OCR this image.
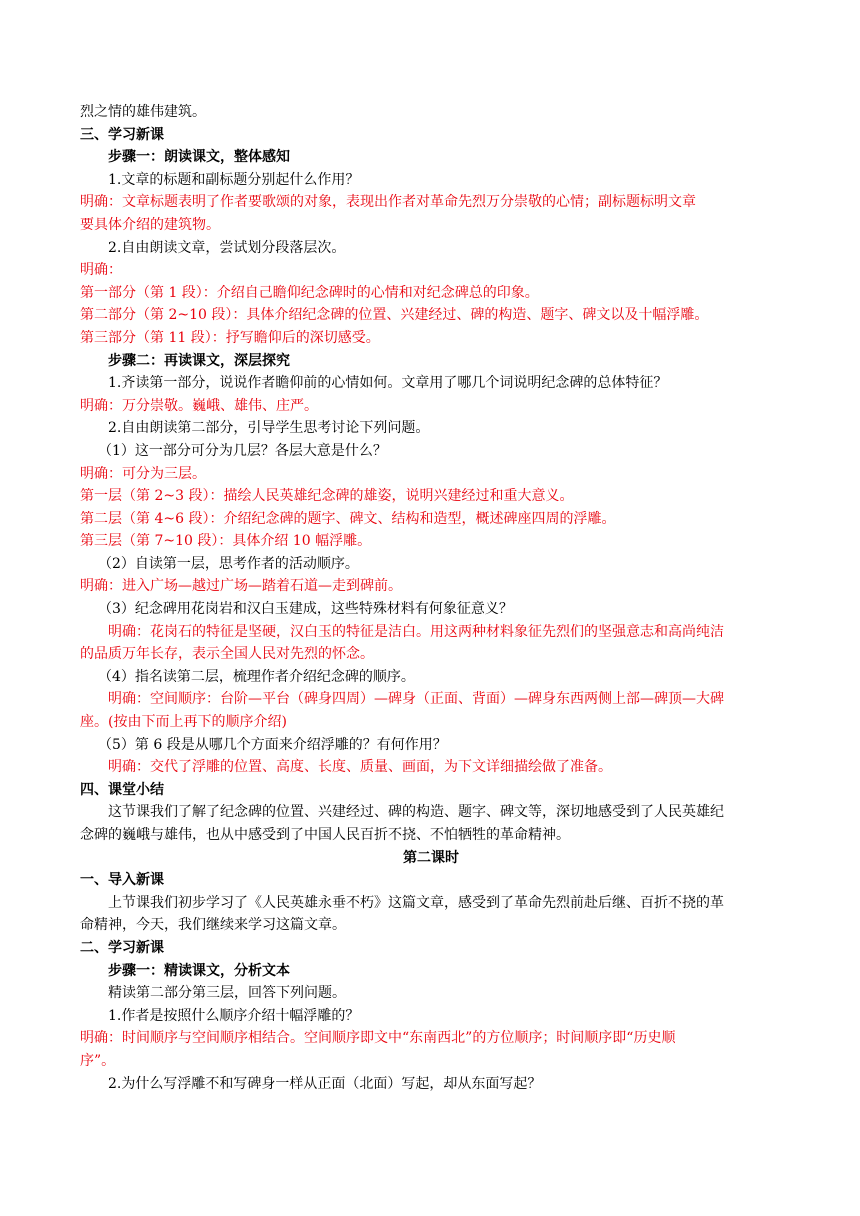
烈之情的雄伟建筑。
三、学习新课
步骤一：朗读课文，整体感知
1.文章的标题和副标题分别起什么作用？
明确：文章标题表明了作者要歌颂的对象，表现出作者对革命先烈万分崇敬的心情；副标题标明文章
要具体介绍的建筑物。
2.自由朗读文章，尝试划分段落层次。
明确：
第一部分（第 1 段）：介绍自己瞻仰纪念碑时的心情和对纪念碑总的印象。
第二部分（第 2~10 段）：具体介绍纪念碑的位置、兴建经过、碑的构造、题字、碑文以及十幅浮雕。
第三部分（第 11 段）：抒写瞻仰后的深切感受。
步骤二：再读课文，深层探究
1.齐读第一部分，说说作者瞻仰前的心情如何。文章用了哪几个词说明纪念碑的总体特征？
明确：万分崇敬。巍峨、雄伟、庄严。
2.自由朗读第二部分，引导学生思考讨论下列问题。
（1）这一部分可分为几层？各层大意是什么？
明确：可分为三层。
第一层（第 2~3 段）：描绘人民英雄纪念碑的雄姿，说明兴建经过和重大意义。
第二层（第 4~6 段）：介绍纪念碑的题字、碑文、结构和造型，概述碑座四周的浮雕。
第三层（第 7~10 段）：具体介绍 10 幅浮雕。
（2）自读第一层，思考作者的活动顺序。
明确：进入广场—越过广场—踏着石道—走到碑前。
（3）纪念碑用花岗岩和汉白玉建成，这些特殊材料有何象征意义？
明确：花岗石的特征是坚硬，汉白玉的特征是洁白。用这两种材料象征先烈们的坚强意志和高尚纯洁
的品质万年长存，表示全国人民对先烈的怀念。
（4）指名读第二层，梳理作者介绍纪念碑的顺序。
明确：空间顺序：台阶—平台（碑身四周）—碑身（正面、背面）—碑身东西两侧上部—碑顶—大碑
座。(按由下而上再下的顺序介绍)
（5）第 6 段是从哪几个方面来介绍浮雕的？有何作用？
明确：交代了浮雕的位置、高度、长度、质量、画面，为下文详细描绘做了准备。
四、课堂小结
这节课我们了解了纪念碑的位置、兴建经过、碑的构造、题字、碑文等，深切地感受到了人民英雄纪
念碑的巍峨与雄伟，也从中感受到了中国人民百折不挠、不怕牺牲的革命精神。
第二课时
一、导入新课
上节课我们初步学习了《人民英雄永垂不朽》这篇文章，感受到了革命先烈前赴后继、百折不挠的革
命精神，今天，我们继续来学习这篇文章。
二、学习新课
步骤一：精读课文，分析文本
精读第二部分第三层，回答下列问题。
1.作者是按照什么顺序介绍十幅浮雕的？
明确：时间顺序与空间顺序相结合。空间顺序即文中“东南西北”的方位顺序；时间顺序即“历史顺
序”。
2.为什么写浮雕不和写碑身一样从正面（北面）写起，却从东面写起？
